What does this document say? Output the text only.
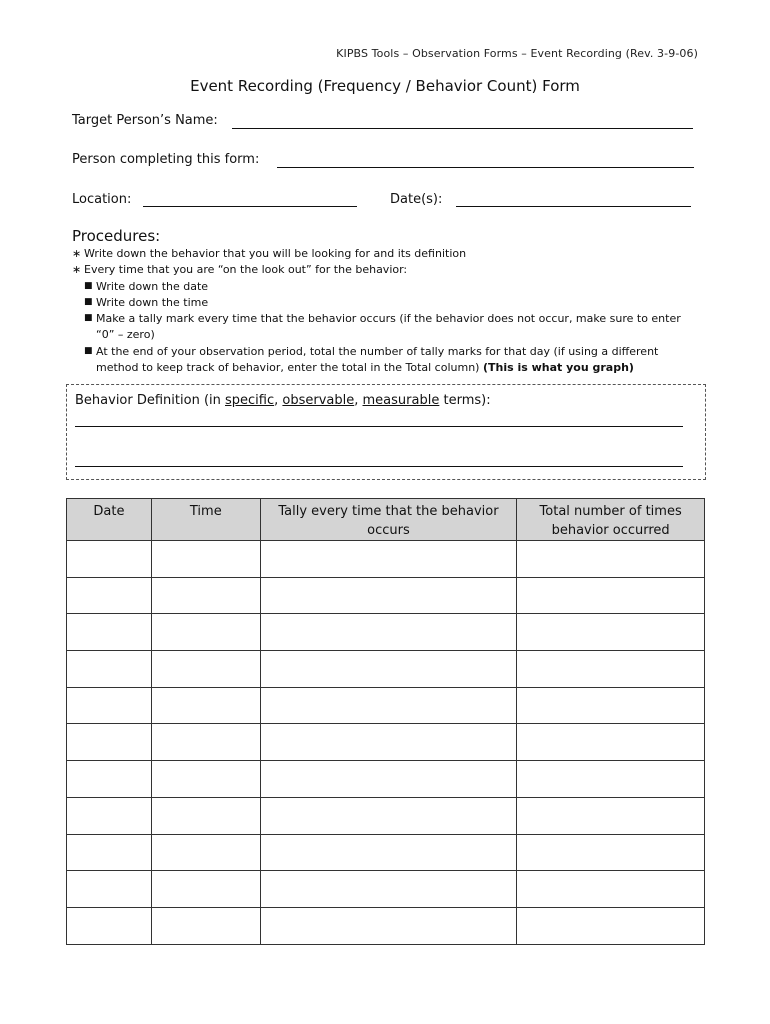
KIPBS Tools – Observation Forms – Event Recording (Rev. 3-9-06)
Event Recording (Frequency / Behavior Count) Form
Target Person’s Name:
Person completing this form:
Location:	Date(s):
Procedures:
∗ Write down the behavior that you will be looking for and its definition
∗ Every time that you are “on the look out” for the behavior:
■ Write down the date
■ Write down the time
■ Make a tally mark every time that the behavior occurs (if the behavior does not occur, make sure to enter “0” – zero)
■ At the end of your observation period, total the number of tally marks for that day (if using a different method to keep track of behavior, enter the total in the Total column) (This is what you graph)
Behavior Definition (in specific, observable, measurable terms):
Date	Time	Tally every time that the behavior occurs	Total number of times behavior occurred
